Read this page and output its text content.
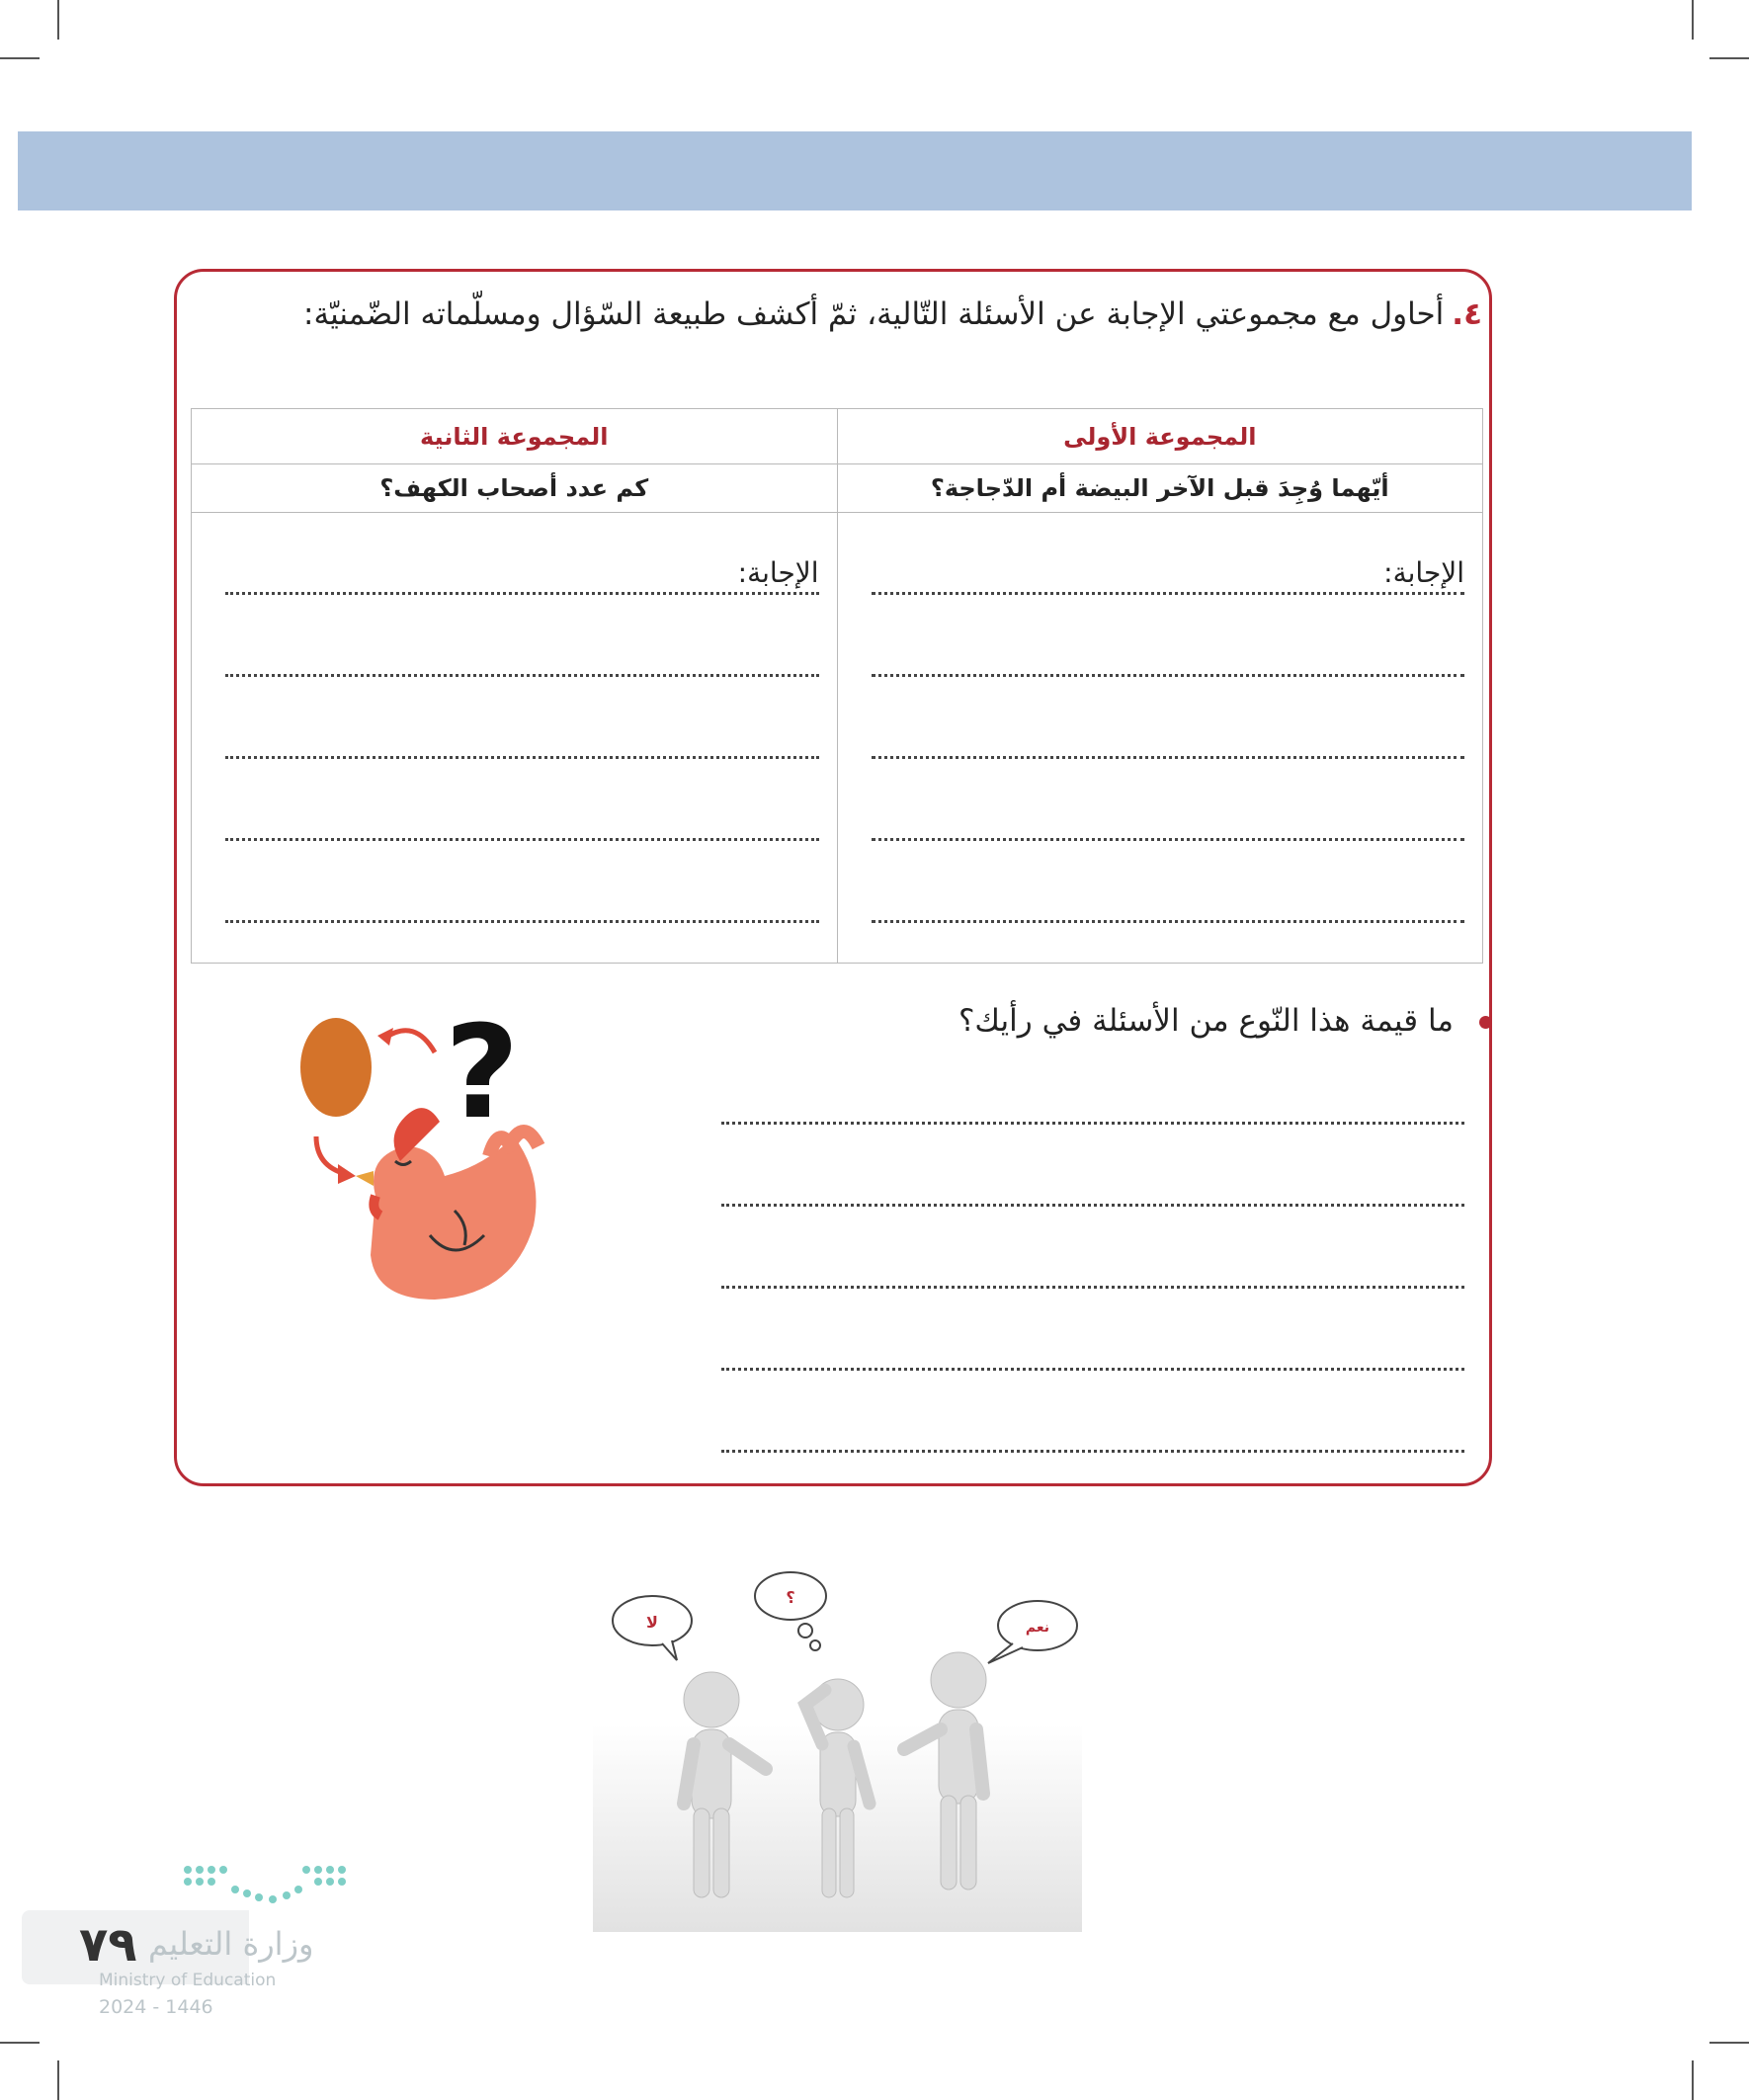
٤.أحاول مع مجموعتي الإجابة عن الأسئلة التّالية، ثمّ أكشف طبيعة السّؤال ومسلّماته الضّمنيّة:
المجموعة الأولى	المجموعة الثانية
أيّهما وُجِدَ قبل الآخر البيضة أم الدّجاجة؟	كم عدد أصحاب الكهف؟

الإجابة:	الإجابة:
ما قيمة هذا النّوع من الأسئلة في رأيك؟
?
لا
؟
نعم
٧٩ وزارة التعليم
Ministry of Education
2024 - 1446
